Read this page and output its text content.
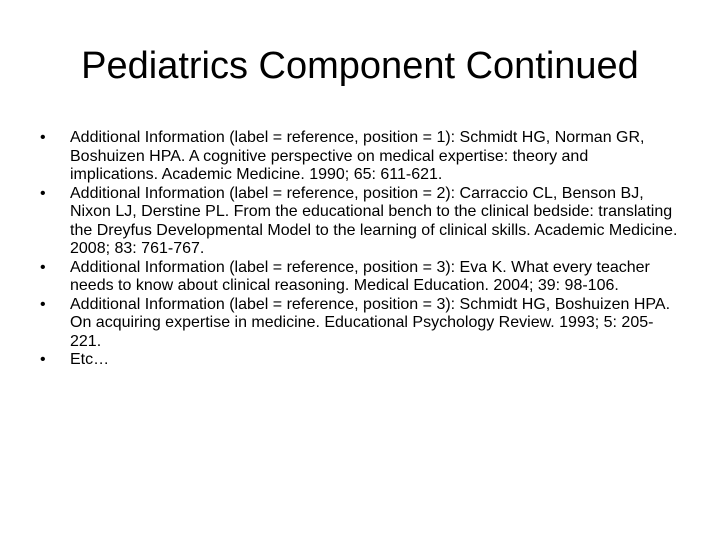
Pediatrics Component Continued
•	Additional Information (label = reference, position = 1): Schmidt HG, Norman GR, Boshuizen HPA. A cognitive perspective on medical expertise: theory and implications. Academic Medicine. 1990; 65: 611-621.
•	Additional Information (label = reference, position = 2): Carraccio CL, Benson BJ, Nixon LJ, Derstine PL. From the educational bench to the clinical bedside: translating the Dreyfus Developmental Model to the learning of clinical skills. Academic Medicine. 2008; 83: 761-767.
•	Additional Information (label = reference, position = 3): Eva K. What every teacher needs to know about clinical reasoning. Medical Education. 2004; 39: 98-106.
•	Additional Information (label = reference, position = 3): Schmidt HG, Boshuizen HPA. On acquiring expertise in medicine. Educational Psychology Review. 1993; 5: 205-221.
•	Etc…
